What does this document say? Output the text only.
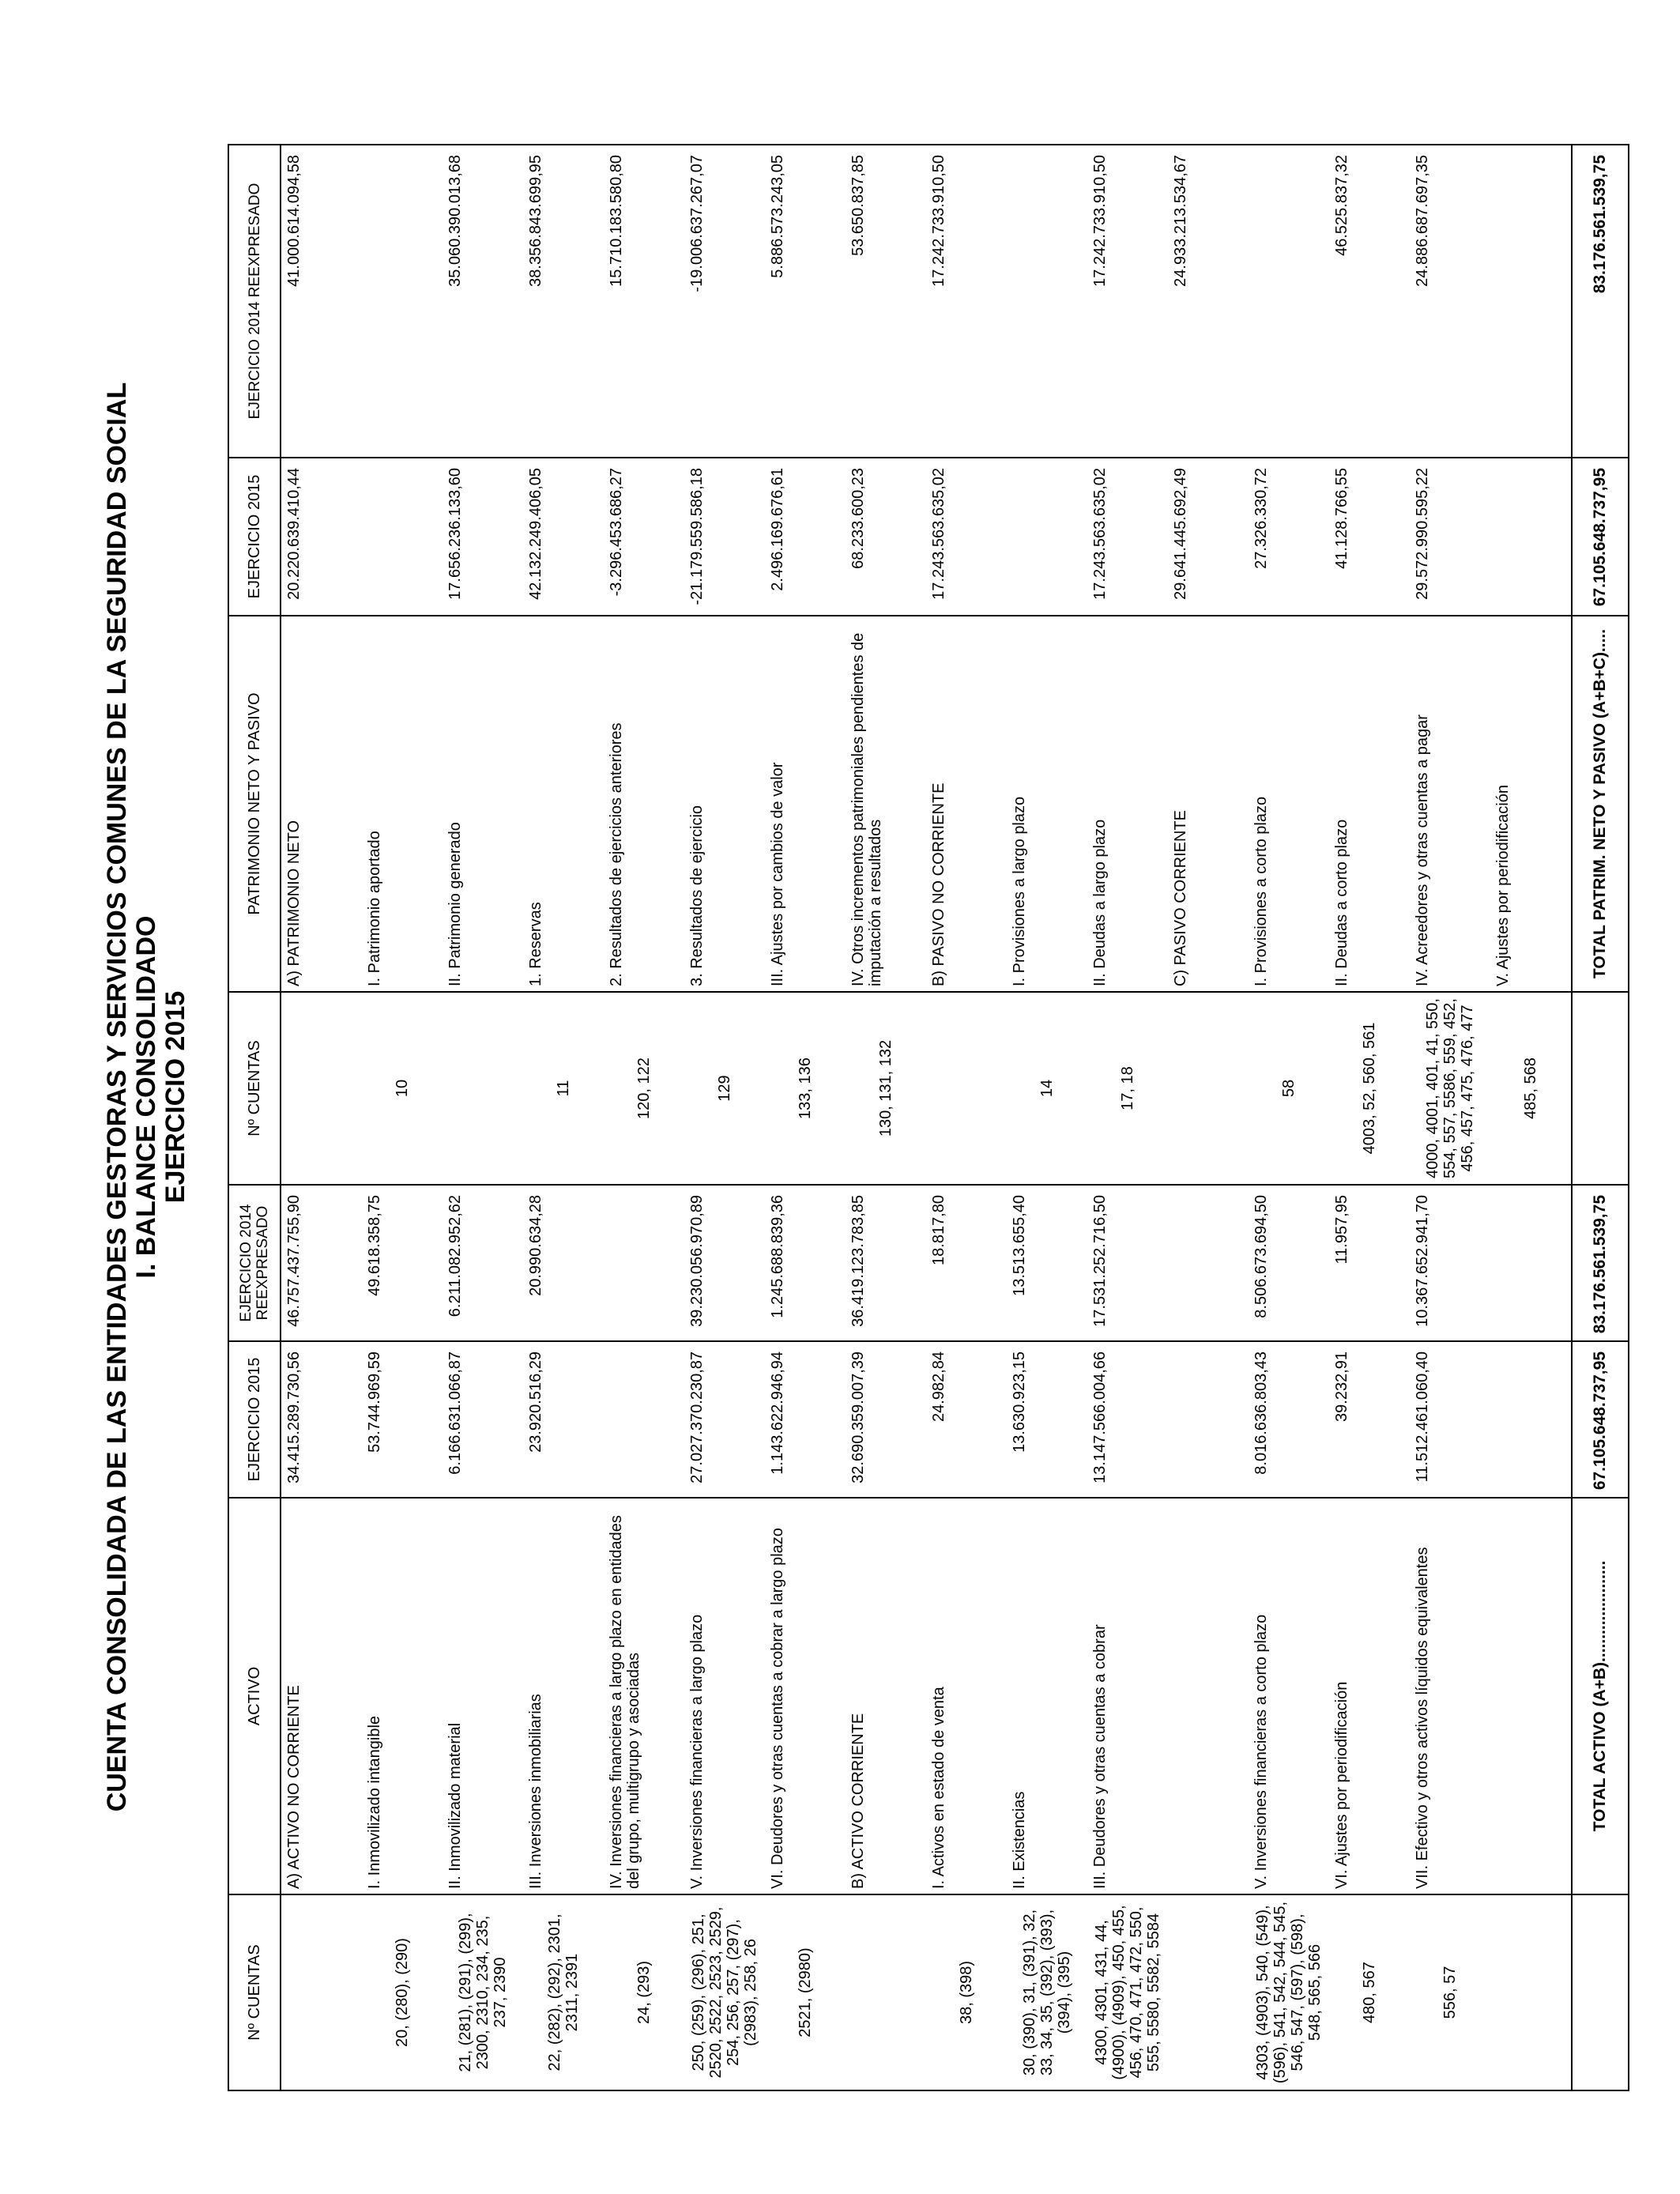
CUENTA CONSOLIDADA DE LAS ENTIDADES GESTORAS Y SERVICIOS COMUNES DE LA SEGURIDAD SOCIAL I. BALANCE CONSOLIDADO EJERCICIO 2015
Nº CUENTAS	ACTIVO	EJERCICIO 2015	EJERCICIO 2014 REEXPRESADO	Nº CUENTAS	PATRIMONIO NETO Y PASIVO	EJERCICIO 2015	EJERCICIO 2014 REEXPRESADO
	A) ACTIVO NO CORRIENTE	34.415.289.730,56	46.757.437.755,90		A) PATRIMONIO NETO	20.220.639.410,44	41.000.614.094,58
20, (280), (290)	I. Inmovilizado intangible	53.744.969,59	49.618.358,75	10	I. Patrimonio aportado		
21, (281), (291), (299), 2300, 2310, 234, 235, 237, 2390	II. Inmovilizado material	6.166.631.066,87	6.211.082.952,62		II. Patrimonio generado	17.656.236.133,60	35.060.390.013,68
22, (282), (292), 2301, 2311, 2391	III. Inversiones inmobiliarias	23.920.516,29	20.990.634,28	11	1. Reservas	42.132.249.406,05	38.356.843.699,95
24, (293)	IV. Inversiones financieras a largo plazo en entidades del grupo, multigrupo y asociadas			120, 122	2. Resultados de ejercicios anteriores	-3.296.453.686,27	15.710.183.580,80
250, (259), (296), 251, 2520, 2522, 2523, 2529, 254, 256, 257, (297), (2983), 258, 26	V. Inversiones financieras a largo plazo	27.027.370.230,87	39.230.056.970,89	129	3. Resultados de ejercicio	-21.179.559.586,18	-19.006.637.267,07
2521, (2980)	VI. Deudores y otras cuentas a cobrar a largo plazo	1.143.622.946,94	1.245.688.839,36	133, 136	III. Ajustes por cambios de valor	2.496.169.676,61	5.886.573.243,05
	B) ACTIVO CORRIENTE	32.690.359.007,39	36.419.123.783,85	130, 131, 132	IV. Otros incrementos patrimoniales pendientes de imputación a resultados	68.233.600,23	53.650.837,85
38, (398)	I. Activos en estado de venta	24.982,84	18.817,80		B) PASIVO NO CORRIENTE	17.243.563.635,02	17.242.733.910,50
30, (390), 31, (391), 32, 33, 34, 35, (392), (393), (394), (395)	II. Existencias	13.630.923,15	13.513.655,40	14	I. Provisiones a largo plazo		
4300, 4301, 431, 44, (4900), (4909), 450, 455, 456, 470, 471, 472, 550, 555, 5580, 5582, 5584	III. Deudores y otras cuentas a cobrar	13.147.566.004,66	17.531.252.716,50	17, 18	II. Deudas a largo plazo	17.243.563.635,02	17.242.733.910,50
					C) PASIVO CORRIENTE	29.641.445.692,49	24.933.213.534,67
4303, (4903), 540, (549), (596), 541, 542, 544, 545, 546, 547, (597), (598), 548, 565, 566	V. Inversiones financieras a corto plazo	8.016.636.803,43	8.506.673.694,50	58	I. Provisiones a corto plazo	27.326.330,72	
480, 567	VI. Ajustes por periodificación	39.232,91	11.957,95	4003, 52, 560, 561	II. Deudas a corto plazo	41.128.766,55	46.525.837,32
556, 57	VII. Efectivo y otros activos líquidos equivalentes	11.512.461.060,40	10.367.652.941,70	4000, 4001, 401, 41, 550, 554, 557, 5586, 559, 452, 456, 457, 475, 476, 477	IV. Acreedores y otras cuentas a pagar	29.572.990.595,22	24.886.687.697,35
				485, 568	V. Ajustes por periodificación		
	TOTAL ACTIVO (A+B)......................	67.105.648.737,95	83.176.561.539,75		TOTAL PATRIM. NETO Y PASIVO (A+B+C).....	67.105.648.737,95	83.176.561.539,75
